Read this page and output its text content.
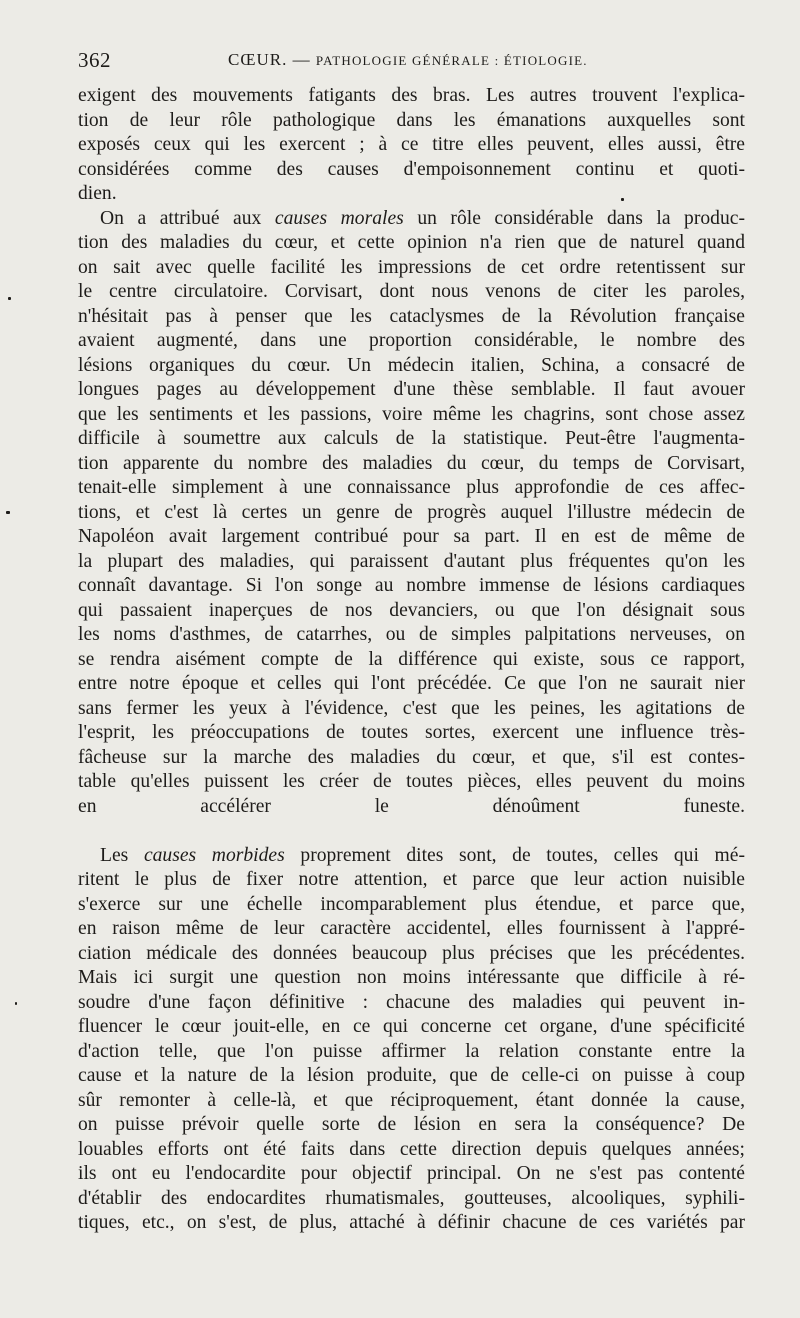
362	CŒUR. — PATHOLOGIE GÉNÉRALE : ÉTIOLOGIE.
exigent des mouvements fatigants des bras. Les autres trouvent l'explica-
tion de leur rôle pathologique dans les émanations auxquelles sont
exposés ceux qui les exercent ; à ce titre elles peuvent, elles aussi, être
considérées comme des causes d'empoisonnement continu et quoti-
dien.
On a attribué aux causes morales un rôle considérable dans la produc-
tion des maladies du cœur, et cette opinion n'a rien que de naturel quand
on sait avec quelle facilité les impressions de cet ordre retentissent sur
le centre circulatoire. Corvisart, dont nous venons de citer les paroles,
n'hésitait pas à penser que les cataclysmes de la Révolution française
avaient augmenté, dans une proportion considérable, le nombre des
lésions organiques du cœur. Un médecin italien, Schina, a consacré de
longues pages au développement d'une thèse semblable. Il faut avouer
que les sentiments et les passions, voire même les chagrins, sont chose assez
difficile à soumettre aux calculs de la statistique. Peut-être l'augmenta-
tion apparente du nombre des maladies du cœur, du temps de Corvisart,
tenait-elle simplement à une connaissance plus approfondie de ces affec-
tions, et c'est là certes un genre de progrès auquel l'illustre médecin de
Napoléon avait largement contribué pour sa part. Il en est de même de
la plupart des maladies, qui paraissent d'autant plus fréquentes qu'on les
connaît davantage. Si l'on songe au nombre immense de lésions cardiaques
qui passaient inaperçues de nos devanciers, ou que l'on désignait sous
les noms d'asthmes, de catarrhes, ou de simples palpitations nerveuses, on
se rendra aisément compte de la différence qui existe, sous ce rapport,
entre notre époque et celles qui l'ont précédée. Ce que l'on ne saurait nier
sans fermer les yeux à l'évidence, c'est que les peines, les agitations de
l'esprit, les préoccupations de toutes sortes, exercent une influence très-
fâcheuse sur la marche des maladies du cœur, et que, s'il est contes-
table qu'elles puissent les créer de toutes pièces, elles peuvent du moins
en accélérer le dénoûment funeste.
Les causes morbides proprement dites sont, de toutes, celles qui mé-
ritent le plus de fixer notre attention, et parce que leur action nuisible
s'exerce sur une échelle incomparablement plus étendue, et parce que,
en raison même de leur caractère accidentel, elles fournissent à l'appré-
ciation médicale des données beaucoup plus précises que les précédentes.
Mais ici surgit une question non moins intéressante que difficile à ré-
soudre d'une façon définitive : chacune des maladies qui peuvent in-
fluencer le cœur jouit-elle, en ce qui concerne cet organe, d'une spécificité
d'action telle, que l'on puisse affirmer la relation constante entre la
cause et la nature de la lésion produite, que de celle-ci on puisse à coup
sûr remonter à celle-là, et que réciproquement, étant donnée la cause,
on puisse prévoir quelle sorte de lésion en sera la conséquence? De
louables efforts ont été faits dans cette direction depuis quelques années;
ils ont eu l'endocardite pour objectif principal. On ne s'est pas contenté
d'établir des endocardites rhumatismales, goutteuses, alcooliques, syphili-
tiques, etc., on s'est, de plus, attaché à définir chacune de ces variétés par
